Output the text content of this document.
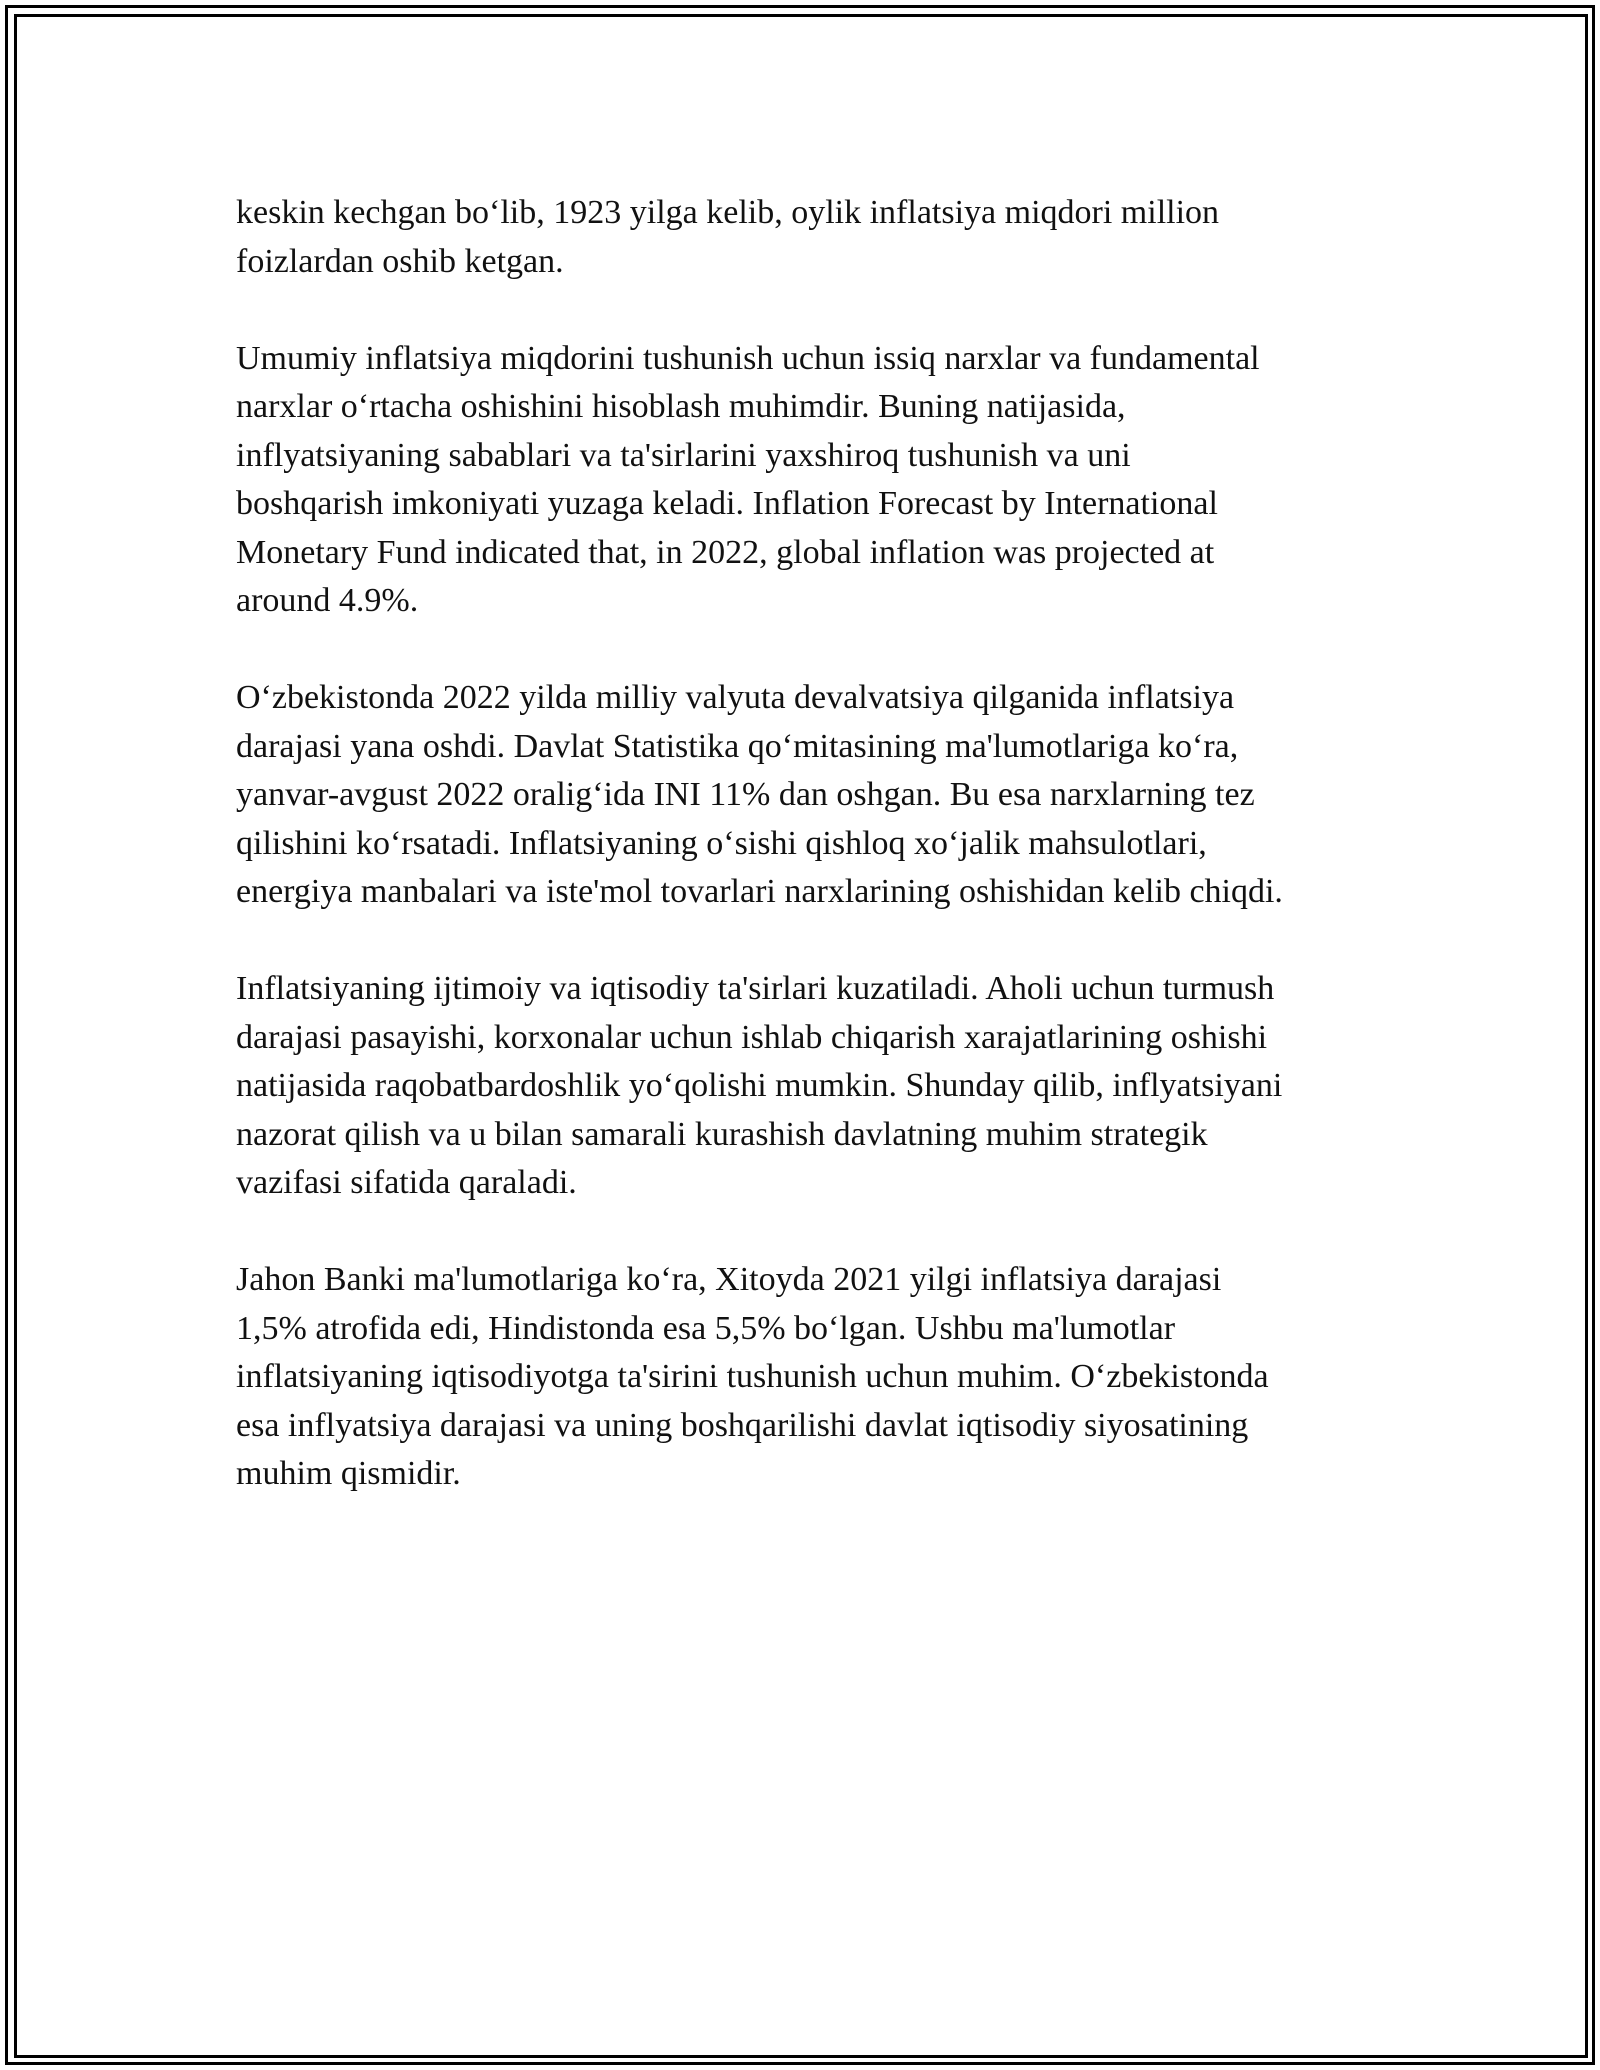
keskin kechgan bo‘lib, 1923 yilga kelib, oylik inflatsiya miqdori million
foizlardan oshib ketgan.

Umumiy inflatsiya miqdorini tushunish uchun issiq narxlar va fundamental
narxlar o‘rtacha oshishini hisoblash muhimdir. Buning natijasida,
inflyatsiyaning sabablari va ta'sirlarini yaxshiroq tushunish va uni
boshqarish imkoniyati yuzaga keladi. Inflation Forecast by International
Monetary Fund indicated that, in 2022, global inflation was projected at
around 4.9%.

O‘zbekistonda 2022 yilda milliy valyuta devalvatsiya qilganida inflatsiya
darajasi yana oshdi. Davlat Statistika qo‘mitasining ma'lumotlariga ko‘ra,
yanvar-avgust 2022 oralig‘ida INI 11% dan oshgan. Bu esa narxlarning tez
qilishini ko‘rsatadi. Inflatsiyaning o‘sishi qishloq xo‘jalik mahsulotlari,
energiya manbalari va iste'mol tovarlari narxlarining oshishidan kelib chiqdi.

Inflatsiyaning ijtimoiy va iqtisodiy ta'sirlari kuzatiladi. Aholi uchun turmush
darajasi pasayishi, korxonalar uchun ishlab chiqarish xarajatlarining oshishi
natijasida raqobatbardoshlik yo‘qolishi mumkin. Shunday qilib, inflyatsiyani
nazorat qilish va u bilan samarali kurashish davlatning muhim strategik
vazifasi sifatida qaraladi.

Jahon Banki ma'lumotlariga ko‘ra, Xitoyda 2021 yilgi inflatsiya darajasi
1,5% atrofida edi, Hindistonda esa 5,5% bo‘lgan. Ushbu ma'lumotlar
inflatsiyaning iqtisodiyotga ta'sirini tushunish uchun muhim. O‘zbekistonda
esa inflyatsiya darajasi va uning boshqarilishi davlat iqtisodiy siyosatining
muhim qismidir.
